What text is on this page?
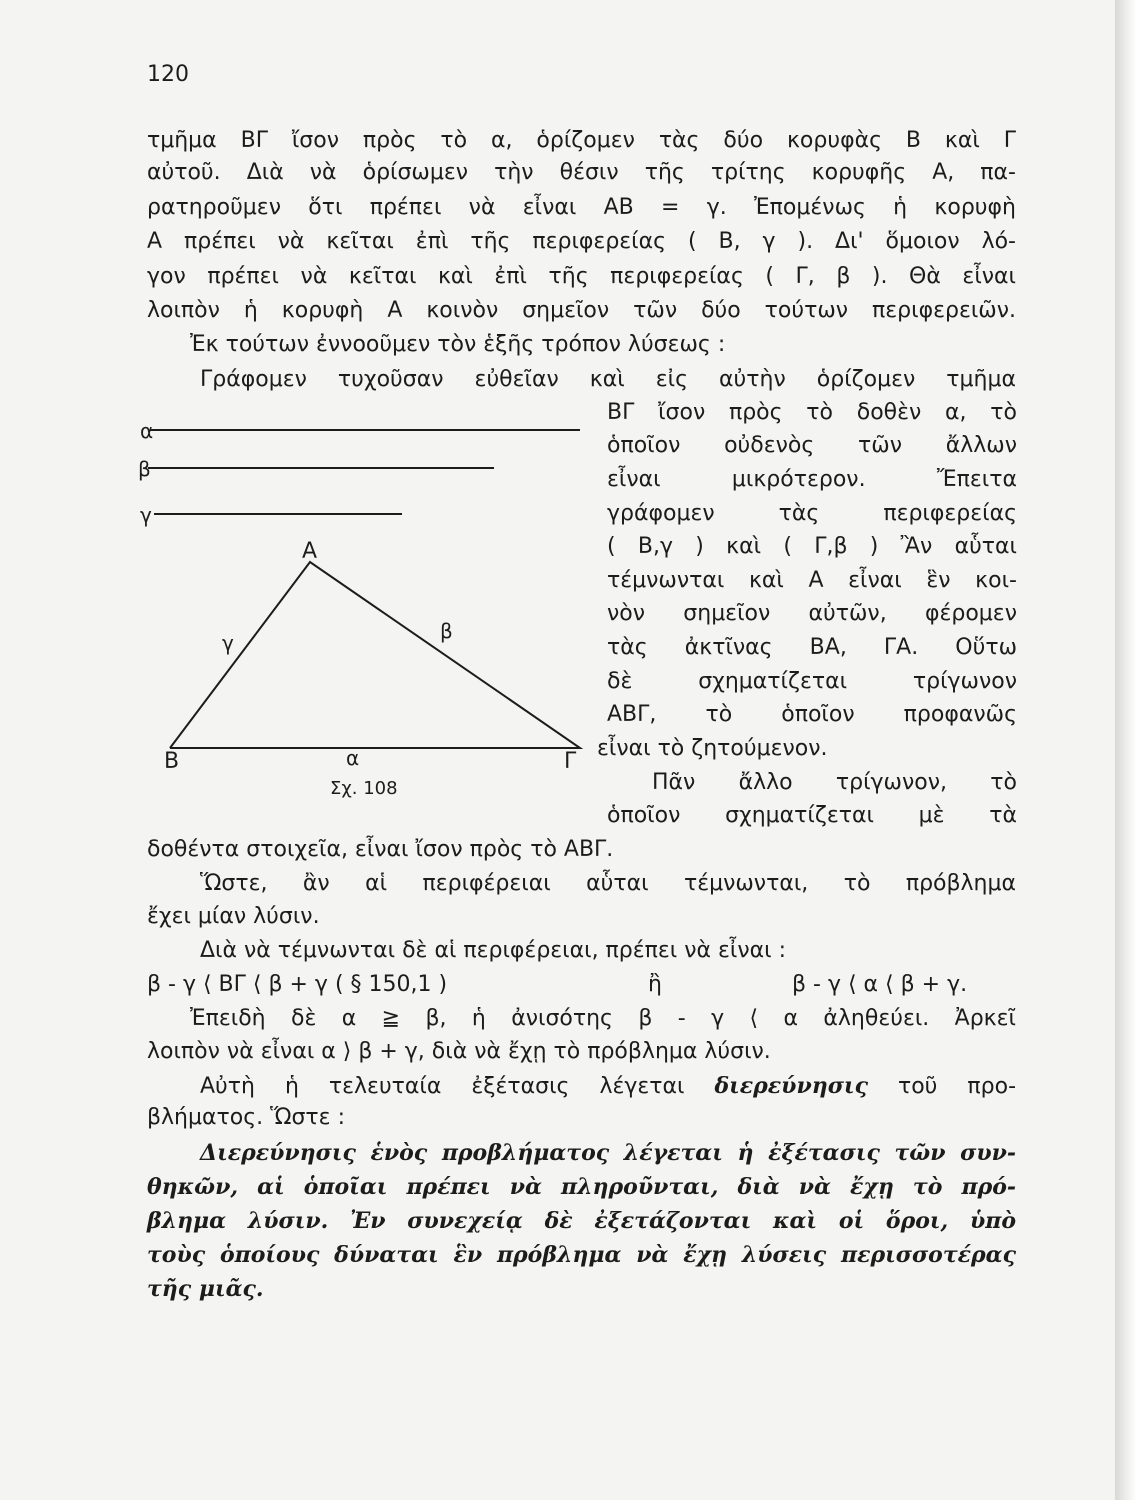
120
τμῆμα ΒΓ ἴσον πρὸς τὸ α, ὁρίζομεν τὰς δύο κορυφὰς Β καὶ Γ
αὐτοῦ. Διὰ νὰ ὁρίσωμεν τὴν θέσιν τῆς τρίτης κορυφῆς Α, πα-
ρατηροῦμεν ὅτι πρέπει νὰ εἶναι ΑΒ = γ. Ἐπομένως ἡ κορυφὴ
Α πρέπει νὰ κεῖται ἐπὶ τῆς περιφερείας ( Β, γ ). Δι' ὅμοιον λό-
γον πρέπει νὰ κεῖται καὶ ἐπὶ τῆς περιφερείας ( Γ, β ). Θὰ εἶναι
λοιπὸν ἡ κορυφὴ Α κοινὸν σημεῖον τῶν δύο τούτων περιφερειῶν.
Ἐκ τούτων ἐννοοῦμεν τὸν ἑξῆς τρόπον λύσεως :
Γράφομεν τυχοῦσαν εὐθεῖαν καὶ εἰς αὐτὴν ὁρίζομεν τμῆμα
ΒΓ ἴσον πρὸς τὸ δοθὲν α, τὸ
ὁποῖον οὐδενὸς τῶν ἄλλων
εἶναι μικρότερον. Ἔπειτα
γράφομεν τὰς περιφερείας
( Β,γ ) καὶ ( Γ,β ) Ἂν αὗται
τέμνωνται καὶ Α εἶναι ἓν κοι-
νὸν σημεῖον αὐτῶν, φέρομεν
τὰς ἀκτῖνας ΒΑ, ΓΑ. Οὕτω
δὲ σχηματίζεται τρίγωνον
ΑΒΓ, τὸ ὁποῖον προφανῶς
εἶναι τὸ ζητούμενον.
Πᾶν ἄλλο τρίγωνον, τὸ
ὁποῖον σχηματίζεται μὲ τὰ
δοθέντα στοιχεῖα, εἶναι ἴσον πρὸς τὸ ΑΒΓ.
Ὥστε, ἂν αἱ περιφέρειαι αὗται τέμνωνται, τὸ πρόβλημα
ἔχει μίαν λύσιν.
Διὰ νὰ τέμνωνται δὲ αἱ περιφέρειαι, πρέπει νὰ εἶναι :
β - γ ⟨ ΒΓ ⟨ β + γ ( § 150,1 )	ἢ	β - γ ⟨ α ⟨ β + γ.
Ἐπειδὴ δὲ α ≧ β, ἡ ἀνισότης β - γ ⟨ α ἀληθεύει. Ἀρκεῖ
λοιπὸν νὰ εἶναι α ⟩ β + γ, διὰ νὰ ἔχῃ τὸ πρόβλημα λύσιν.
Αὐτὴ ἡ τελευταία ἐξέτασις λέγεται διερεύνησις τοῦ προ-
βλήματος. Ὥστε :
Διερεύνησις ἑνὸς προβλήματος λέγεται ἡ ἐξέτασις τῶν συν-
θηκῶν, αἱ ὁποῖαι πρέπει νὰ πληροῦνται, διὰ νὰ ἔχῃ τὸ πρό-
βλημα λύσιν. Ἐν συνεχείᾳ δὲ ἐξετάζονται καὶ οἱ ὅροι, ὑπὸ
τοὺς ὁποίους δύναται ἓν πρόβλημα νὰ ἔχῃ λύσεις περισσοτέρας
τῆς μιᾶς.
α
β
γ
Α
Β	Γ
γ	β
α
Σχ. 108
